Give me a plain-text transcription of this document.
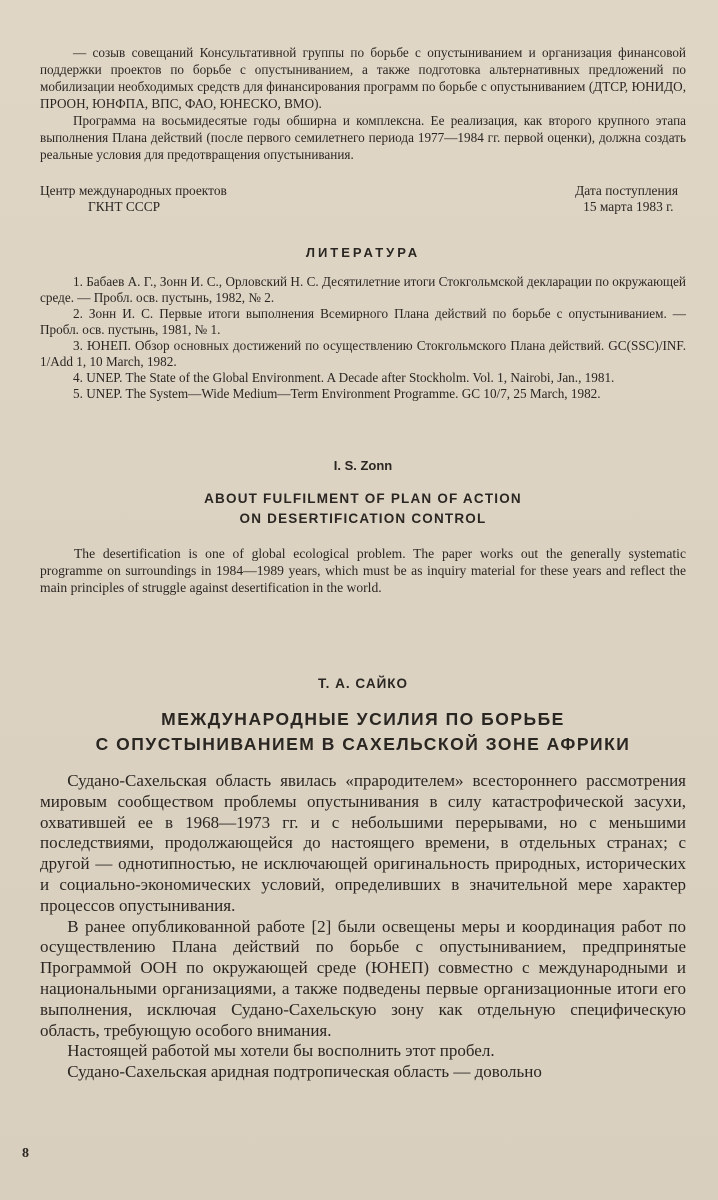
— созыв совещаний Консультативной группы по борьбе с опустыниванием и организация финансовой поддержки проектов по борьбе с опустыниванием, а также подготовка альтернативных предложений по мобилизации необходимых средств для финансирования программ по борьбе с опустыниванием (ДТСР, ЮНИДО, ПРООН, ЮНФПА, ВПС, ФАО, ЮНЕСКО, ВМО).

Программа на восьмидесятые годы обширна и комплексна. Ее реализация, как второго крупного этапа выполнения Плана действий (после первого семилетнего периода 1977—1984 гг. первой оценки), должна создать реальные условия для предотвращения опустынивания.

Центр международных проектов
ГКНТ СССР
Дата поступления
15 марта 1983 г.
ЛИТЕРАТУРА

1. Бабаев А. Г., Зонн И. С., Орловский Н. С. Десятилетние итоги Стокгольмской декларации по окружающей среде. — Пробл. осв. пустынь, 1982, № 2.

2. Зонн И. С. Первые итоги выполнения Всемирного Плана действий по борьбе с опустыниванием. — Пробл. осв. пустынь, 1981, № 1.

3. ЮНЕП. Обзор основных достижений по осуществлению Стокгольмского Плана действий. GC(SSC)/INF. 1/Add 1, 10 March, 1982.

4. UNEP. The State of the Global Environment. A Decade after Stockholm. Vol. 1, Nairobi, Jan., 1981.

5. UNEP. The System—Wide Medium—Term Environment Programme. GC 10/7, 25 March, 1982.

I. S. Zonn
ABOUT FULFILMENT OF PLAN OF ACTION
ON DESERTIFICATION CONTROL

The desertification is one of global ecological problem. The paper works out the generally systematic programme on surroundings in 1984—1989 years, which must be as inquiry material for these years and reflect the main principles of struggle against desertification in the world.

Т. А. САЙКО
МЕЖДУНАРОДНЫЕ УСИЛИЯ ПО БОРЬБЕ
С ОПУСТЫНИВАНИЕМ В САХЕЛЬСКОЙ ЗОНЕ АФРИКИ

Судано-Сахельская область явилась «прародителем» всестороннего рассмотрения мировым сообществом проблемы опустынивания в силу катастрофической засухи, охватившей ее в 1968—1973 гг. и с небольшими перерывами, но с меньшими последствиями, продолжающейся до настоящего времени, в отдельных странах; с другой — однотипностью, не исключающей оригинальность природных, исторических и социально-экономических условий, определивших в значительной мере характер процессов опустынивания.

В ранее опубликованной работе [2] были освещены меры и координация работ по осуществлению Плана действий по борьбе с опустыниванием, предпринятые Программой ООН по окружающей среде (ЮНЕП) совместно с международными и национальными организациями, а также подведены первые организационные итоги его выполнения, исключая Судано-Сахельскую зону как отдельную специфическую область, требующую особого внимания.

Настоящей работой мы хотели бы восполнить этот пробел.

Судано-Сахельская аридная подтропическая область — довольно

8
